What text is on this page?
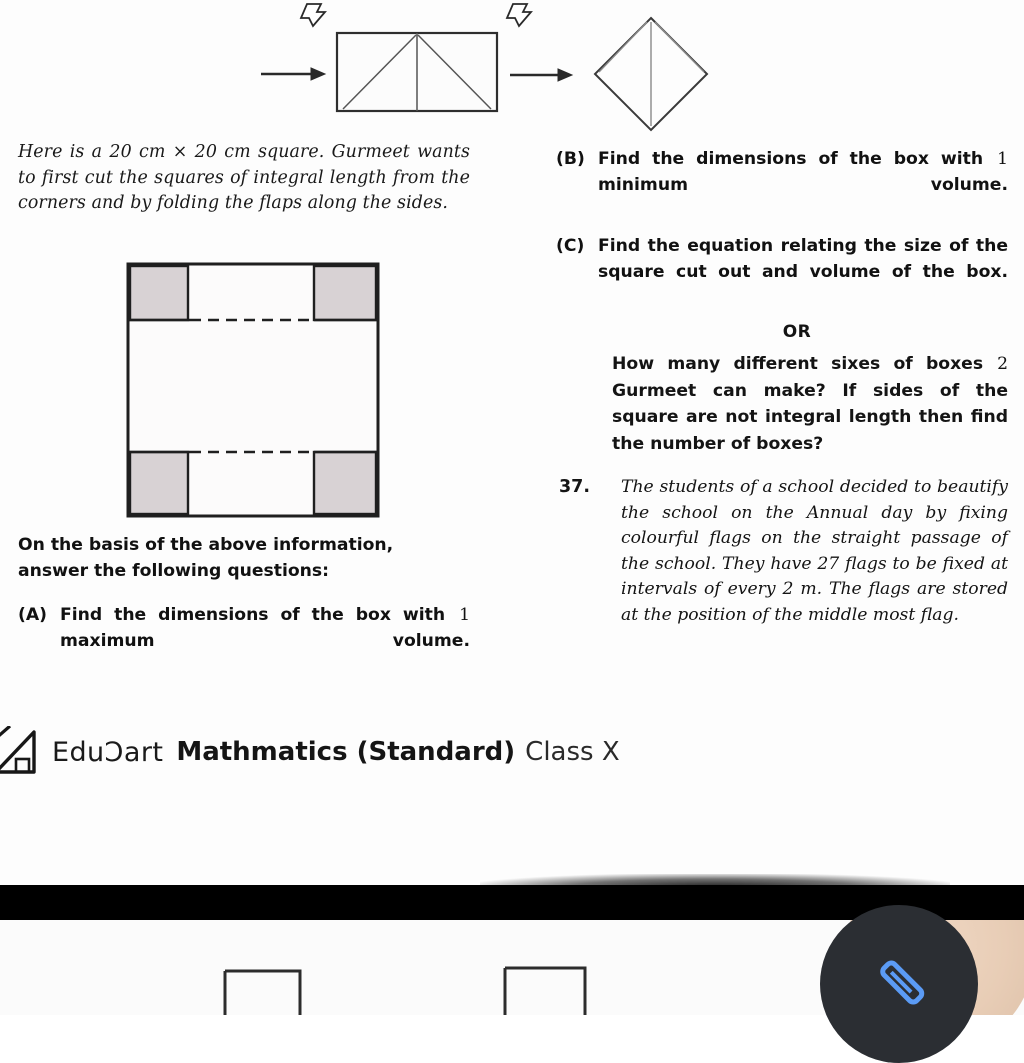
Here is a 20 cm × 20 cm square. Gurmeet wants to first cut the squares of integral length from the corners and by folding the flaps along the sides.
On the basis of the above information,
answer the following questions:
(A)	1
Find the dimensions of the box with maximum volume.
(B)	1
Find the dimensions of the box with minimum volume.
(C) Find the equation relating the size of the square cut out and volume of the box.
OR
2
How many different sixes of boxes Gurmeet can make? If sides of the square are not integral length then find the number of boxes?
37.	The students of a school decided to beautify the school on the Annual day by fixing colourful flags on the straight passage of the school. They have 27 flags to be fixed at intervals of every 2 m. The flags are stored at the position of the middle most flag.
EduƆart Mathmatics (Standard) Class X
